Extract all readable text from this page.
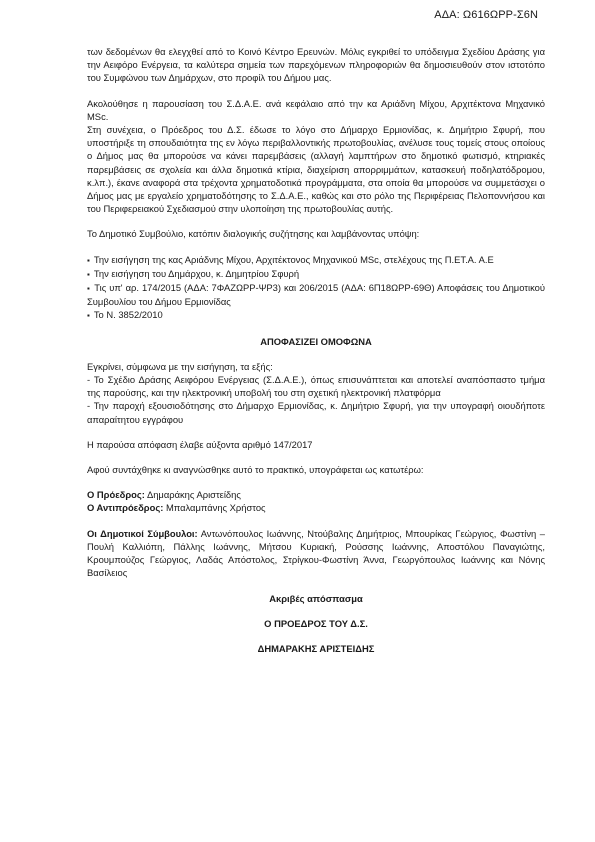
ΑΔΑ: Ω616ΩΡΡ-Σ6Ν

των δεδομένων θα ελεγχθεί από το Κοινό Κέντρο Ερευνών. Μόλις εγκριθεί το υπόδειγμα Σχεδίου Δράσης για την Αειφόρο Ενέργεια, τα καλύτερα σημεία των παρεχόμενων πληροφοριών θα δημοσιευθούν στον ιστοτόπο του Συμφώνου των Δημάρχων, στο προφίλ του Δήμου μας.

Ακολούθησε η παρουσίαση του Σ.Δ.Α.Ε. ανά κεφάλαιο από την κα Αριάδνη Μίχου, Αρχιτέκτονα Μηχανικό MSc.

Στη συνέχεια, ο Πρόεδρος του Δ.Σ. έδωσε το λόγο στο Δήμαρχο Ερμιονίδας, κ. Δημήτριο Σφυρή, που υποστήριξε τη σπουδαιότητα της εν λόγω περιβαλλοντικής πρωτοβουλίας, ανέλυσε τους τομείς στους οποίους ο Δήμος μας θα μπορούσε να κάνει παρεμβάσεις (αλλαγή λαμπτήρων στο δημοτικό φωτισμό, κτηριακές παρεμβάσεις σε σχολεία και άλλα δημοτικά κτίρια, διαχείριση απορριμμάτων, κατασκευή ποδηλατόδρομου, κ.λπ.), έκανε αναφορά στα τρέχοντα χρηματοδοτικά προγράμματα, στα οποία θα μπορούσε να συμμετάσχει ο Δήμος μας με εργαλείο χρηματοδότησης το Σ.Δ.Α.Ε., καθώς και στο ρόλο της Περιφέρειας Πελοποννήσου και του Περιφερειακού Σχεδιασμού στην υλοποίηση της πρωτοβουλίας αυτής.

Το Δημοτικό Συμβούλιο, κατόπιν διαλογικής συζήτησης και λαμβάνοντας υπόψη:

▪ Την εισήγηση της κας Αριάδνης Μίχου, Αρχιτέκτονος Μηχανικού MSc, στελέχους της Π.ΕΤ.Α. Α.Ε

▪ Την εισήγηση του Δημάρχου, κ. Δημητρίου Σφυρή

▪ Τις υπ' αρ. 174/2015 (ΑΔΑ: 7ΦΑΖΩΡΡ-ΨΡ3) και 206/2015 (ΑΔΑ: 6Π18ΩΡΡ-69Θ) Αποφάσεις του Δημοτικού Συμβουλίου του Δήμου Ερμιονίδας

▪ Το Ν. 3852/2010

ΑΠΟΦΑΣΙΖΕΙ ΟΜΟΦΩΝΑ

Εγκρίνει, σύμφωνα με την εισήγηση, τα εξής:

- Το Σχέδιο Δράσης Αειφόρου Ενέργειας (Σ.Δ.Α.Ε.), όπως επισυνάπτεται και αποτελεί αναπόσπαστο τμήμα της παρούσης, και την ηλεκτρονική υποβολή του στη σχετική ηλεκτρονική πλατφόρμα

- Την παροχή εξουσιοδότησης στο Δήμαρχο Ερμιονίδας, κ. Δημήτριο Σφυρή, για την υπογραφή οιουδήποτε απαραίτητου εγγράφου

Η παρούσα απόφαση έλαβε αύξοντα αριθμό 147/2017

Αφού συντάχθηκε κι αναγνώσθηκε αυτό το πρακτικό, υπογράφεται ως κατωτέρω:

Ο Πρόεδρος: Δημαράκης Αριστείδης

Ο Αντιπρόεδρος: Μπαλαμπάνης Χρήστος

Οι Δημοτικοί Σύμβουλοι: Αντωνόπουλος Ιωάννης, Ντούβαλης Δημήτριος, Μπουρίκας Γεώργιος, Φωστίνη – Πουλή Καλλιόπη, Πάλλης Ιωάννης, Μήτσου Κυριακή, Ρούσσης Ιωάννης, Αποστόλου Παναγιώτης, Κρουμπούζος Γεώργιος, Λαδάς Απόστολος, Στρίγκου-Φωστίνη Άννα, Γεωργόπουλος Ιωάννης και Νόνης Βασίλειος

Ακριβές απόσπασμα

Ο ΠΡΟΕΔΡΟΣ ΤΟΥ Δ.Σ.

ΔΗΜΑΡΑΚΗΣ ΑΡΙΣΤΕΙΔΗΣ
